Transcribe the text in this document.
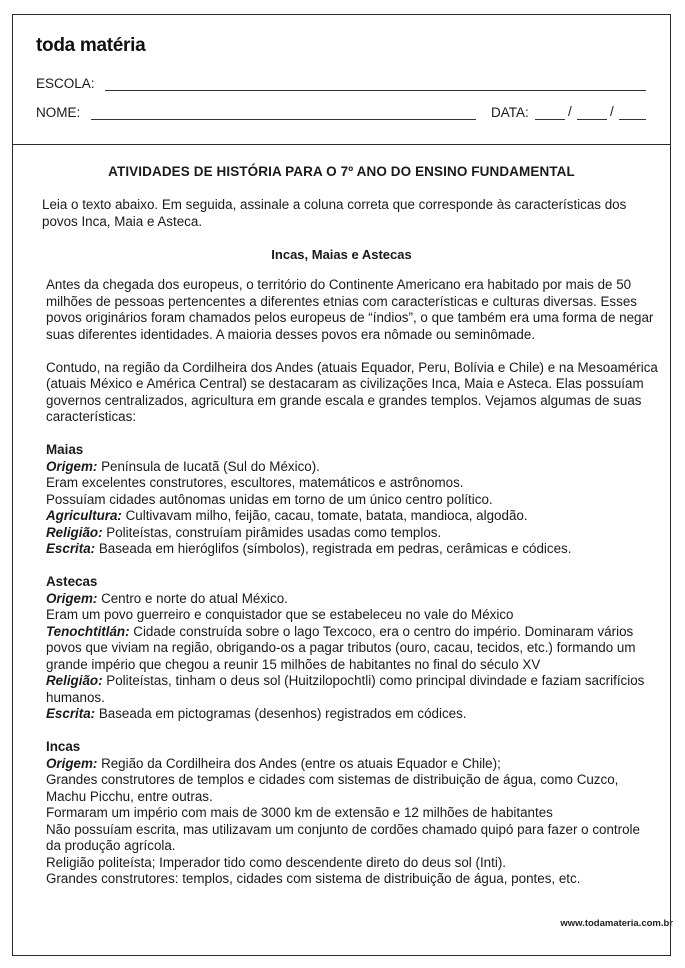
toda matéria
ESCOLA:
NOME:	DATA:	/	/
ATIVIDADES DE HISTÓRIA PARA O 7º ANO DO ENSINO FUNDAMENTAL
Leia o texto abaixo. Em seguida, assinale a coluna correta que corresponde às características dos povos Inca, Maia e Asteca.
Incas, Maias e Astecas

Antes da chegada dos europeus, o território do Continente Americano era habitado por mais de 50 milhões de pessoas pertencentes a diferentes etnias com características e culturas diversas. Esses povos originários foram chamados pelos europeus de “índios”, o que também era uma forma de negar suas diferentes identidades. A maioria desses povos era nômade ou seminômade.

Contudo, na região da Cordilheira dos Andes (atuais Equador, Peru, Bolívia e Chile) e na Mesoamérica (atuais México e América Central) se destacaram as civilizações Inca, Maia e Asteca. Elas possuíam governos centralizados, agricultura em grande escala e grandes templos. Vejamos algumas de suas características:

Maias

Origem: Península de Iucatã (Sul do México).

Eram excelentes construtores, escultores, matemáticos e astrônomos.

Possuíam cidades autônomas unidas em torno de um único centro político.

Agricultura: Cultivavam milho, feijão, cacau, tomate, batata, mandioca, algodão.

Religião: Politeístas, construíam pirâmides usadas como templos.

Escrita: Baseada em hieróglifos (símbolos), registrada em pedras, cerâmicas e códices.

Astecas

Origem: Centro e norte do atual México.

Eram um povo guerreiro e conquistador que se estabeleceu no vale do México

Tenochtitlán: Cidade construída sobre o lago Texcoco, era o centro do império. Dominaram vários povos que viviam na região, obrigando-os a pagar tributos (ouro, cacau, tecidos, etc.) formando um grande império que chegou a reunir 15 milhões de habitantes no final do século XV

Religião: Politeístas, tinham o deus sol (Huitzilopochtli) como principal divindade e faziam sacrifícios humanos.

Escrita: Baseada em pictogramas (desenhos) registrados em códices.

Incas

Origem: Região da Cordilheira dos Andes (entre os atuais Equador e Chile);

Grandes construtores de templos e cidades com sistemas de distribuição de água, como Cuzco, Machu Picchu, entre outras.

Formaram um império com mais de 3000 km de extensão e 12 milhões de habitantes

Não possuíam escrita, mas utilizavam um conjunto de cordões chamado quipó para fazer o controle da produção agrícola.

Religião politeísta; Imperador tido como descendente direto do deus sol (Inti).

Grandes construtores: templos, cidades com sistema de distribuição de água, pontes, etc.

www.todamateria.com.br
